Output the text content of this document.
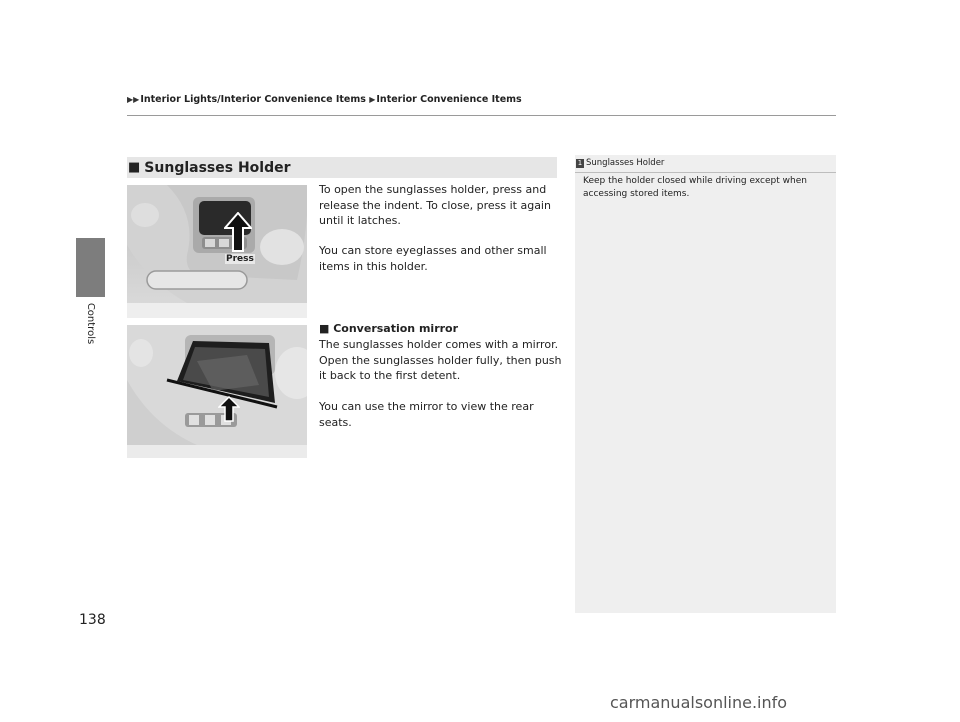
▶▶Interior Lights/Interior Convenience Items ▶Interior Convenience Items
Controls
■ Sunglasses Holder
Press

To open the sunglasses holder, press and release the indent. To close, press it again until it latches.

You can store eyeglasses and other small items in this holder.

■ Conversation mirror

The sunglasses holder comes with a mirror. Open the sunglasses holder fully, then push it back to the first detent.

You can use the mirror to view the rear seats.

1 Sunglasses Holder
Keep the holder closed while driving except when accessing stored items.
138
carmanualsonline.info
